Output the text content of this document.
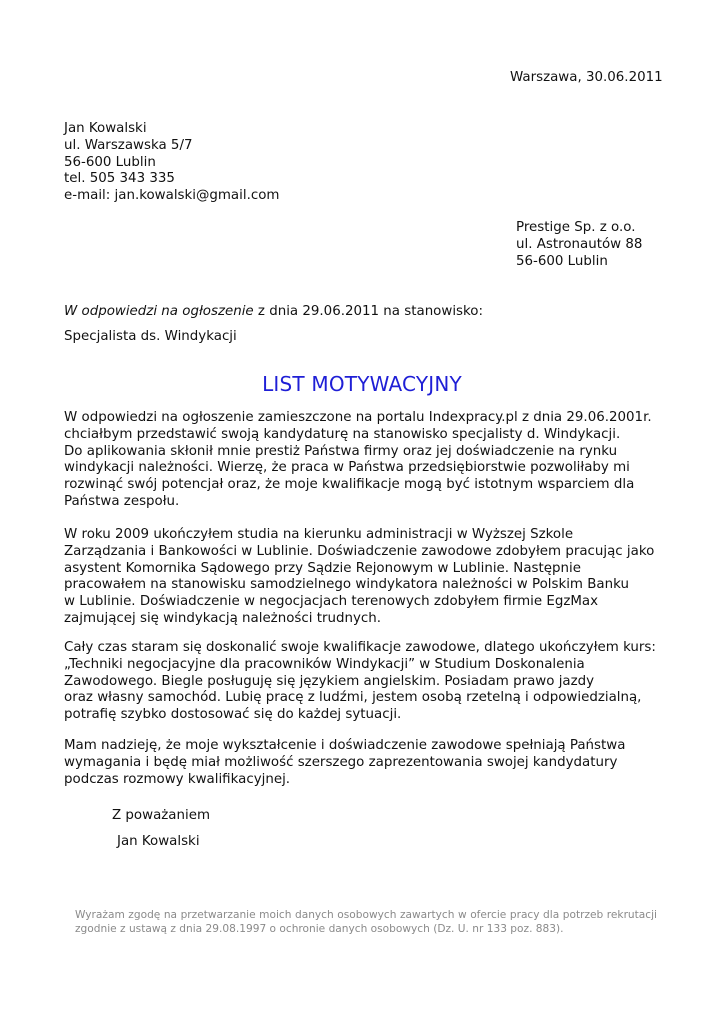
Warszawa, 30.06.2011
Jan Kowalski
ul. Warszawska 5/7
56-600 Lublin
tel. 505 343 335
e-mail: jan.kowalski@gmail.com
Prestige Sp. z o.o.
ul. Astronautów 88
56-600 Lublin
W odpowiedzi na ogłoszenie z dnia 29.06.2011 na stanowisko:
Specjalista ds. Windykacji
LIST MOTYWACYJNY
W odpowiedzi na ogłoszenie zamieszczone na portalu Indexpracy.pl z dnia 29.06.2001r.
chciałbym przedstawić swoją kandydaturę na stanowisko specjalisty d. Windykacji.
Do aplikowania skłonił mnie prestiż Państwa firmy oraz jej doświadczenie na rynku
windykacji należności. Wierzę, że praca w Państwa przedsiębiorstwie pozwoliłaby mi
rozwinąć swój potencjał oraz, że moje kwalifikacje mogą być istotnym wsparciem dla
Państwa zespołu.
W roku 2009 ukończyłem studia na kierunku administracji w Wyższej Szkole
Zarządzania i Bankowości w Lublinie. Doświadczenie zawodowe zdobyłem pracując jako
asystent Komornika Sądowego przy Sądzie Rejonowym w Lublinie. Następnie
pracowałem na stanowisku samodzielnego windykatora należności w Polskim Banku
w Lublinie. Doświadczenie w negocjacjach terenowych zdobyłem firmie EgzMax
zajmującej się windykacją należności trudnych.
Cały czas staram się doskonalić swoje kwalifikacje zawodowe, dlatego ukończyłem kurs:
„Techniki negocjacyjne dla pracowników Windykacji” w Studium Doskonalenia
Zawodowego. Biegle posługuję się językiem angielskim. Posiadam prawo jazdy
oraz własny samochód. Lubię pracę z ludźmi, jestem osobą rzetelną i odpowiedzialną,
potrafię szybko dostosować się do każdej sytuacji.
Mam nadzieję, że moje wykształcenie i doświadczenie zawodowe spełniają Państwa
wymagania i będę miał możliwość szerszego zaprezentowania swojej kandydatury
podczas rozmowy kwalifikacyjnej.
Z poważaniem
Jan Kowalski
Wyrażam zgodę na przetwarzanie moich danych osobowych zawartych w ofercie pracy dla potrzeb rekrutacji zgodnie z ustawą z dnia 29.08.1997 o ochronie danych osobowych (Dz. U. nr 133 poz. 883).
